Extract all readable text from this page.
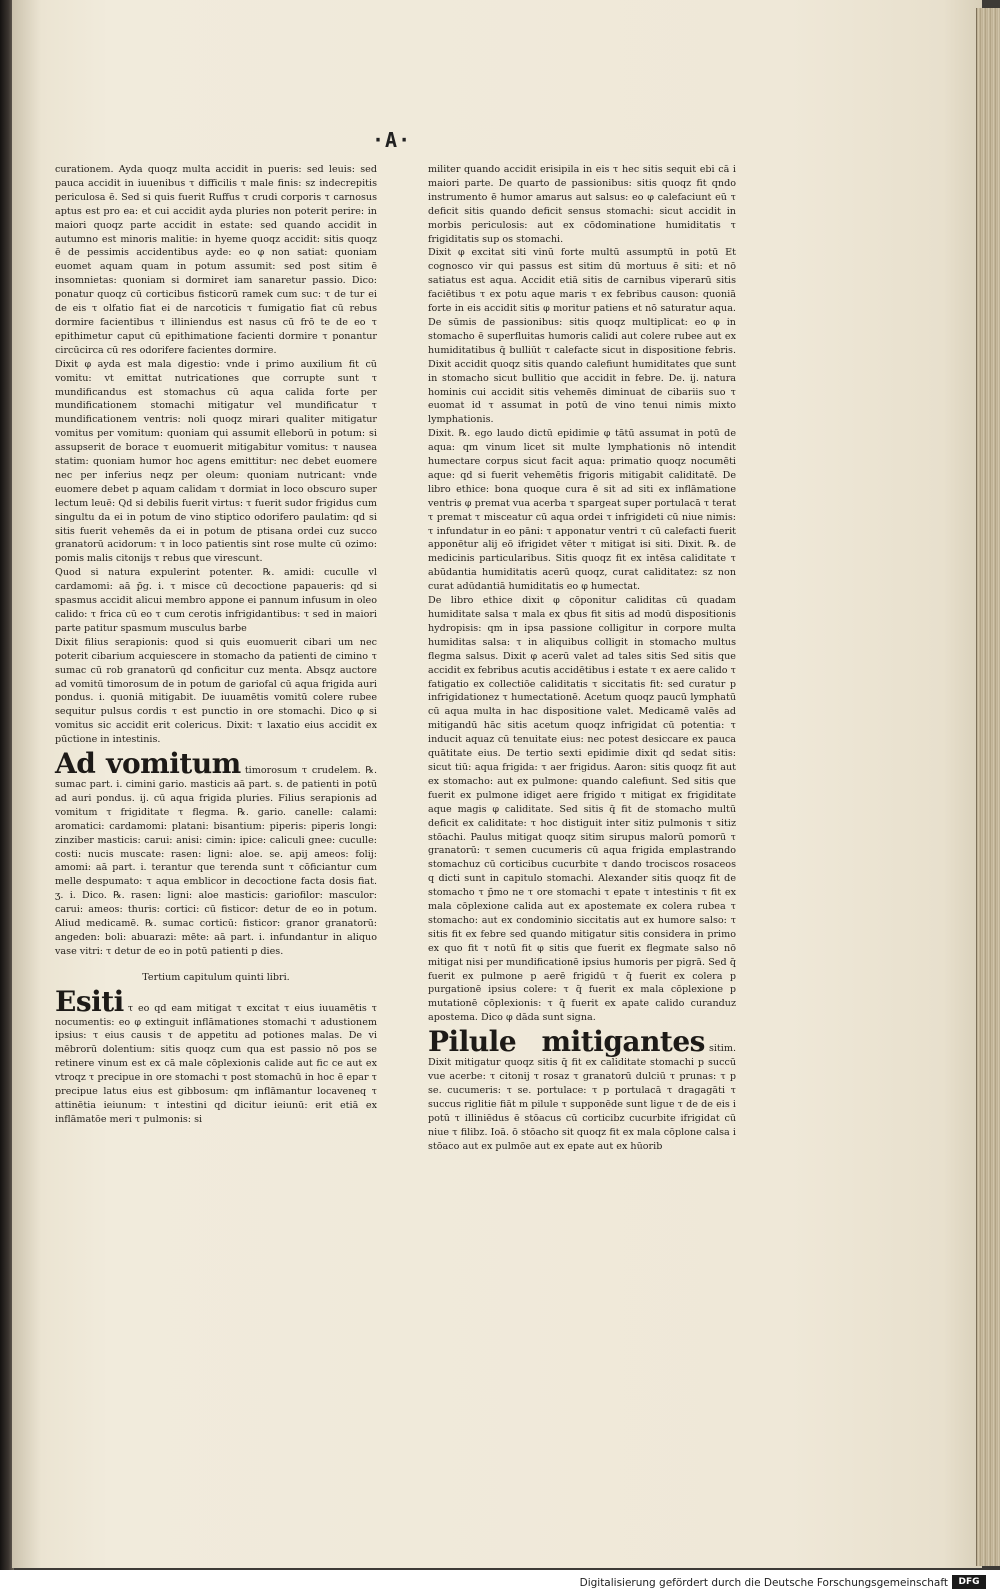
·A·

curationem. Ayda quoqz multa accidit in pueris: sed leuis: sed pauca accidit in iuuenibus τ difficilis τ male finis: sz indecrepitis periculosa ē. Sed si quis fuerit Ruffus τ crudi corporis τ carnosus aptus est pro ea: et cui accidit ayda pluries non poterit perire: in maiori quoqz parte accidit in estate: sed quando accidit in autumno est minoris malitie: in hyeme quoqz accidit: sitis quoqz ē de pessimis accidentibus ayde: eo φ non satiat: quoniam euomet aquam quam in potum assumit: sed post sitim ē insomnietas: quoniam si dormiret iam sanaretur passio. Dico: ponatur quoqz cū corticibus fisticorū ramek cum suc: τ de tur ei de eis τ olfatio fiat ei de narcoticis τ fumigatio fiat cū rebus dormire facientibus τ illiniendus est nasus cū frō te de eo τ epithimetur caput cū epithimatione facienti dormire τ ponantur circūcirca cū res odorifere facientes dormire.

Dixit φ ayda est mala digestio: vnde i primo auxilium fit cū vomitu: vt emittat nutricationes que corrupte sunt τ mundificandus est stomachus cū aqua calida forte per mundificationem stomachi mitigatur vel mundificatur τ mundificationem ventris: noli quoqz mirari qualiter mitigatur vomitus per vomitum: quoniam qui assumit elleborū in potum: si assupserit de borace τ euomuerit mitigabitur vomitus: τ nausea statim: quoniam humor hoc agens emittitur: nec debet euomere nec per inferius neqz per oleum: quoniam nutricant: vnde euomere debet p aquam calidam τ dormiat in loco obscuro super lectum leuē: Qd si debilis fuerit virtus: τ fuerit sudor frigidus cum singultu da ei in potum de vino stiptico odorifero paulatim: qd si sitis fuerit vehemēs da ei in potum de ptisana ordei cuz succo granatorū acidorum: τ in loco patientis sint rose multe cū ozimo: pomis malis citonijs τ rebus que virescunt.

Quod si natura expulerint potenter. ℞. amidi: cuculle vl cardamomi: aā p̄g. i. τ misce cū decoctione papaueris: qd si spasmus accidit alicui membro appone ei pannum infusum in oleo calido: τ frica cū eo τ cum cerotis infrigidantibus: τ sed in maiori parte patitur spasmum musculus barbe

Dixit filius serapionis: quod si quis euomuerit cibari um nec poterit cibarium acquiescere in stomacho da patienti de cimino τ sumac cū rob granatorū qd conficitur cuz menta. Absqz auctore ad vomitū timorosum de in potum de gariofal cū aqua frigida auri pondus. i. quoniā mitigabit. De iuuamētis vomitū colere rubee sequitur pulsus cordis τ est punctio in ore stomachi. Dico φ si vomitus sic accidit erit colericus. Dixit: τ laxatio eius accidit ex pūctione in intestinis.

Ad vomitum timorosum τ crudelem. ℞. sumac part. i. cimini gario. masticis aā part. s. de patienti in potū ad auri pondus. ij. cū aqua frigida pluries. Filius serapionis ad vomitum τ frigiditate τ flegma. ℞. gario. canelle: calami: aromatici: cardamomi: platani: bisantium: piperis: piperis longi: zinziber masticis: carui: anisi: cimin: ipice: caliculi gnee: cuculle: costi: nucis muscate: rasen: ligni: aloe. se. apij ameos: folij: amomi: aā part. i. terantur que terenda sunt τ cōficiantur cum melle despumato: τ aqua emblicor in decoctione facta dosis fiat. ʒ. i. Dico. ℞. rasen: ligni: aloe masticis: gariofilor: masculor: carui: ameos: thuris: cortici: cū fisticor: detur de eo in potum. Aliud medicamē. ℞. sumac corticū: fisticor: granor granatorū: angeden: boli: abuarazi: mēte: aā part. i. infundantur in aliquo vase vitri: τ detur de eo in potū patienti p dies.

Tertium capitulum quinti libri.

Esiti τ eo qd eam mitigat τ excitat τ eius iuuamētis τ nocumentis: eo φ extinguit inflāmationes stomachi τ adustionem ipsius: τ eius causis τ de appetitu ad potiones malas. De vi mēbrorū dolentium: sitis quoqz cum qua est passio nō pos se retinere vinum est ex cā male cōplexionis calide aut fic ce aut ex vtroqz τ precipue in ore stomachi τ post stomachū in hoc ē epar τ precipue latus eius est gibbosum: qm inflāmantur locaveneq τ attinētia ieiunum: τ intestini qd dicitur ieiunū: erit etiā ex inflāmatōe meri τ pulmonis: si

militer quando accidit erisipila in eis τ hec sitis sequit ebi cā i maiori parte. De quarto de passionibus: sitis quoqz fit qndo instrumento ē humor amarus aut salsus: eo φ calefaciunt eū τ deficit sitis quando deficit sensus stomachi: sicut accidit in morbis periculosis: aut ex cōdominatione humiditatis τ frigiditatis sup os stomachi.

Dixit φ excitat siti vinū forte multū assumptū in potū Et cognosco vir qui passus est sitim dū mortuus ē siti: et nō satiatus est aqua. Accidit etiā sitis de carnibus viperarū sitis faciētibus τ ex potu aque maris τ ex febribus causon: quoniā forte in eis accidit sitis φ moritur patiens et nō saturatur aqua. De sūmis de passionibus: sitis quoqz multiplicat: eo φ in stomacho ē superfluitas humoris calidi aut colere rubee aut ex humiditatibus q̄ bulliūt τ calefacte sicut in dispositione febris. Dixit accidit quoqz sitis quando calefiunt humiditates que sunt in stomacho sicut bullitio que accidit in febre. De. ij. natura hominis cui accidit sitis vehemēs diminuat de cibariis suo τ euomat id τ assumat in potū de vino tenui nimis mixto lymphationis.

Dixit. ℞. ego laudo dictū epidimie φ tātū assumat in potū de aqua: qm vinum licet sit multe lymphationis nō intendit humectare corpus sicut facit aqua: primatio quoqz nocumēti aque: qd si fuerit vehemētis frigoris mitigabit caliditatē. De libro ethice: bona quoque cura ē sit ad siti ex inflāmatione ventris φ premat vua acerba τ spargeat super portulacā τ terat τ premat τ misceatur cū aqua ordei τ infrigideti cū niue nimis: τ infundatur in eo pāni: τ apponatur ventri τ cū calefacti fuerit apponētur alij eō ifrigidet vēter τ mitigat isi siti. Dixit. ℞. de medicinis particularibus. Sitis quoqz fit ex intēsa caliditate τ abūdantia humiditatis acerū quoqz, curat caliditatez: sz non curat adūdantiā humiditatis eo φ humectat.

De libro ethice dixit φ cōponitur caliditas cū quadam humiditate salsa τ mala ex qbus fit sitis ad modū dispositionis hydropisis: qm in ipsa passione colligitur in corpore multa humiditas salsa: τ in aliquibus colligit in stomacho multus flegma salsus. Dixit φ acerū valet ad tales sitis Sed sitis que accidit ex febribus acutis accidētibus i estate τ ex aere calido τ fatigatio ex collectiōe caliditatis τ siccitatis fit: sed curatur p infrigidationez τ humectationē. Acetum quoqz paucū lymphatū cū aqua multa in hac dispositione valet. Medicamē valēs ad mitigandū hāc sitis acetum quoqz infrigidat cū potentia: τ inducit aquaz cū tenuitate eius: nec potest desiccare ex pauca quātitate eius. De tertio sexti epidimie dixit qd sedat sitis: sicut tiū: aqua frigida: τ aer frigidus. Aaron: sitis quoqz fit aut ex stomacho: aut ex pulmone: quando calefiunt. Sed sitis que fuerit ex pulmone idiget aere frigido τ mitigat ex frigiditate aque magis φ caliditate. Sed sitis q̄ fit de stomacho multū deficit ex caliditate: τ hoc distiguit inter sitiz pulmonis τ sitiz stōachi. Paulus mitigat quoqz sitim sirupus malorū pomorū τ granatorū: τ semen cucumeris cū aqua frigida emplastrando stomachuz cū corticibus cucurbite τ dando trociscos rosaceos q dicti sunt in capitulo stomachi. Alexander sitis quoqz fit de stomacho τ p̄mo ne τ ore stomachi τ epate τ intestinis τ fit ex mala cōplexione calida aut ex apostemate ex colera rubea τ stomacho: aut ex condominio siccitatis aut ex humore salso: τ sitis fit ex febre sed quando mitigatur sitis considera in primo ex quo fit τ notū fit φ sitis que fuerit ex flegmate salso nō mitigat nisi per mundificationē ipsius humoris per pigrā. Sed q̄ fuerit ex pulmone p aerē frigidū τ q̄ fuerit ex colera p purgationē ipsius colere: τ q̄ fuerit ex mala cōplexione p mutationē cōplexionis: τ q̄ fuerit ex apate calido curanduz apostema. Dico φ dāda sunt signa.

Pilule mitigantes sitim. Dixit mitigatur quoqz sitis q̄ fit ex caliditate stomachi p succū vue acerbe: τ citonij τ rosaz τ granatorū dulciū τ prunas: τ p se. cucumeris: τ se. portulace: τ p portulacā τ dragagāti τ succus riglitie fiāt m pilule τ supponēde sunt ligue τ de de eis i potū τ illiniēdus ē stōacus cū corticibz cucurbite ifrigidat cū niue τ filibz. Ioā. ō stōacho sit quoqz fit ex mala cōplone calsa i stōaco aut ex pulmōe aut ex epate aut ex hūorib

Digitalisierung gefördert durch die Deutsche Forschungsgemeinschaft	DFG
